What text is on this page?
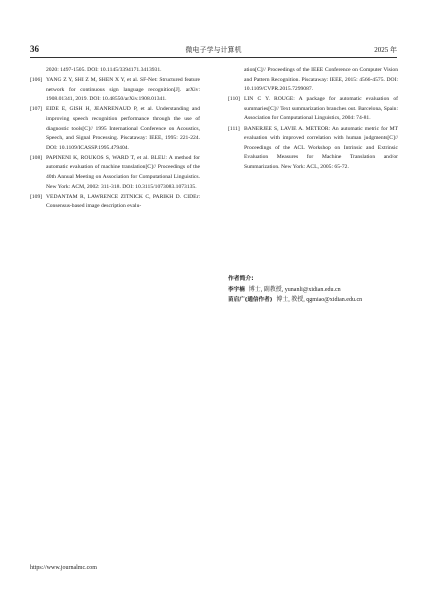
36	微电子学与计算机	2025 年
2020: 1497-1505. DOI: 10.1145/3394171.3413931.
[106] YANG Z Y, SHI Z M, SHEN X Y, et al. SF-Net: Structured feature network for continuous sign language recognition[J]. arXiv: 1908.01341, 2019. DOI: 10.48550/arXiv.1908.01341.
[107] EIDE E, GISH H, JEANRENAUD P, et al. Understanding and improving speech recognition performance through the use of diagnostic tools[C]// 1995 International Conference on Acoustics, Speech, and Signal Processing. Piscataway: IEEE, 1995: 221-224. DOI: 10.1109/ICASSP.1995.479404.
[108] PAPINENI K, ROUKOS S, WARD T, et al. BLEU: A method for automatic evaluation of machine translation[C]// Proceedings of the 40th Annual Meeting on Association for Computational Linguistics. New York: ACM, 2002: 311-318. DOI: 10.3115/1073083.1073135.
[109] VEDANTAM R, LAWRENCE ZITNICK C, PARIKH D. CIDEr: Consensus-based image description evalu-
ation[C]// Proceedings of the IEEE Conference on Computer Vision and Pattern Recognition. Piscataway: IEEE, 2015: 4566-4575. DOI: 10.1109/CVPR.2015.7299087.
[110] LIN C Y. ROUGE: A package for automatic evaluation of summaries[C]// Text summarization branches out. Barcelona, Spain: Association for Computational Linguistics, 2004: 74-81.
[111] BANERJEE S, LAVIE A. METEOR: An automatic metric for MT evaluation with improved correlation with human judgments[C]// Proceedings of the ACL Workshop on Intrinsic and Extrinsic Evaluation Measures for Machine Translation and/or Summarization. New York: ACL, 2005: 65-72.
作者简介:
李宇楠 博士, 副教授, yunanli@xidian.edu.cn
苗启广(通信作者) 博士, 教授, qgmiao@xidian.edu.cn
https://www.journalmc.com
